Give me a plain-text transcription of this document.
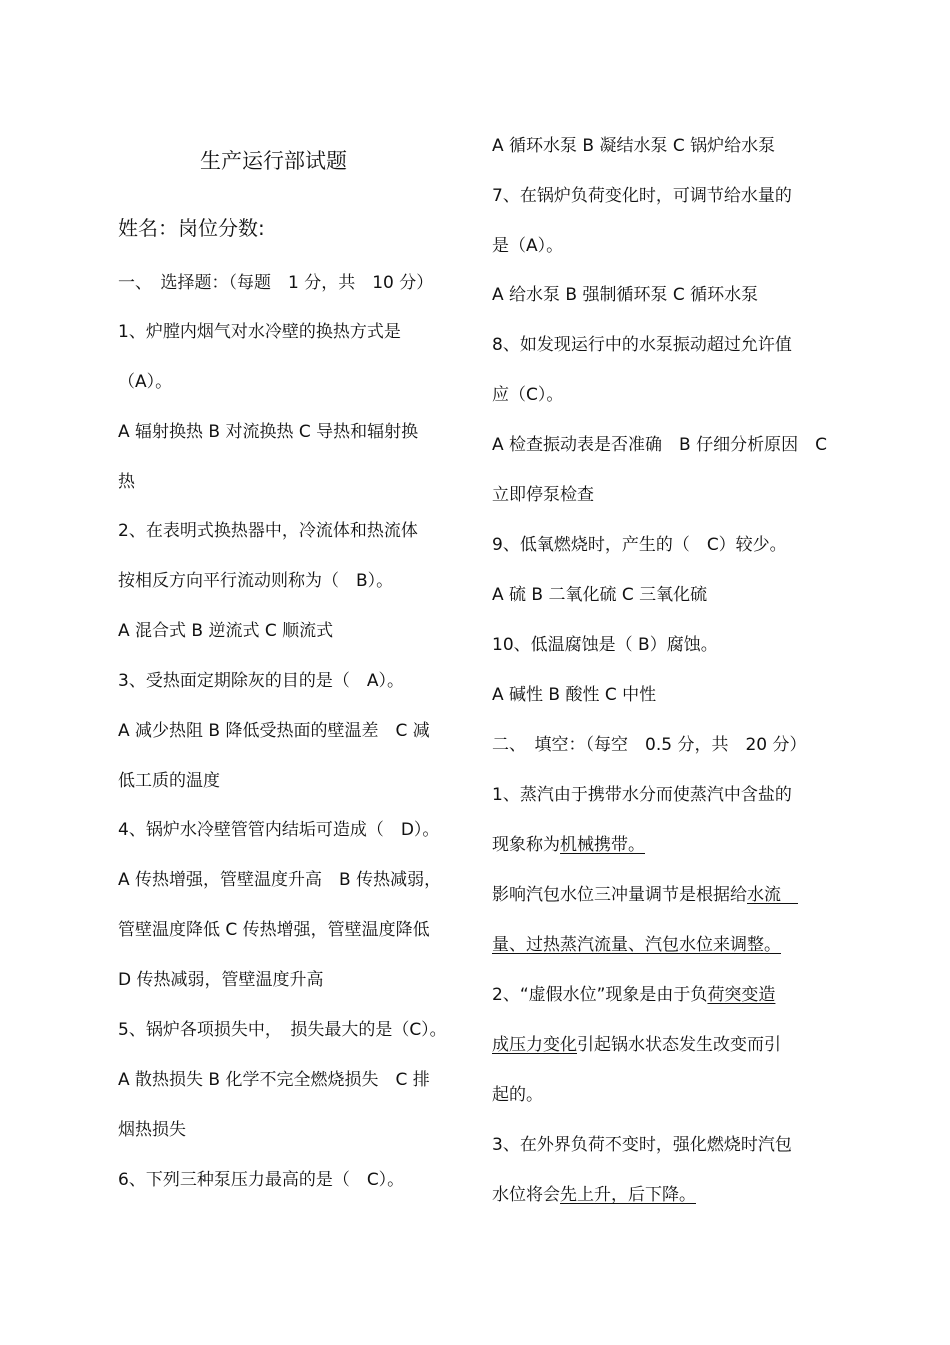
生产运行部试题
姓名：岗位分数:
一、　选择题：（每题　1 分，共　10 分）
1、炉膛内烟气对水冷壁的换热方式是
（A）。
A 辐射换热 B 对流换热 C 导热和辐射换
热
2、在表明式换热器中，冷流体和热流体
按相反方向平行流动则称为（　B）。
A 混合式 B 逆流式 C 顺流式
3、受热面定期除灰的目的是（　A）。
A 减少热阻 B 降低受热面的壁温差　C 减
低工质的温度
4、锅炉水冷壁管管内结垢可造成（　D）。
A 传热增强，管壁温度升高　B 传热减弱，
管壁温度降低 C 传热增强，管壁温度降低
D 传热减弱，管壁温度升高
5、锅炉各项损失中，　损失最大的是（C）。
A 散热损失 B 化学不完全燃烧损失　C 排
烟热损失
6、下列三种泵压力最高的是（　C）。
A 循环水泵 B 凝结水泵 C 锅炉给水泵
7、在锅炉负荷变化时，可调节给水量的
是（A）。
A 给水泵 B 强制循环泵 C 循环水泵
8、如发现运行中的水泵振动超过允许值
应（C）。
A 检查振动表是否准确　B 仔细分析原因　C
立即停泵检查
9、低氧燃烧时，产生的（　C）较少。
A 硫 B 二氧化硫 C 三氧化硫
10、低温腐蚀是（ B）腐蚀。
A 碱性 B 酸性 C 中性
二、　填空：（每空　0.5 分，共　20 分）
1、蒸汽由于携带水分而使蒸汽中含盐的
现象称为机械携带。
影响汽包水位三冲量调节是根据给水流　
量、过热蒸汽流量、汽包水位来调整。
2、“虚假水位”现象是由于负荷突变造
成压力变化引起锅水状态发生改变而引
起的。
3、在外界负荷不变时，强化燃烧时汽包
水位将会先上升，后下降。
